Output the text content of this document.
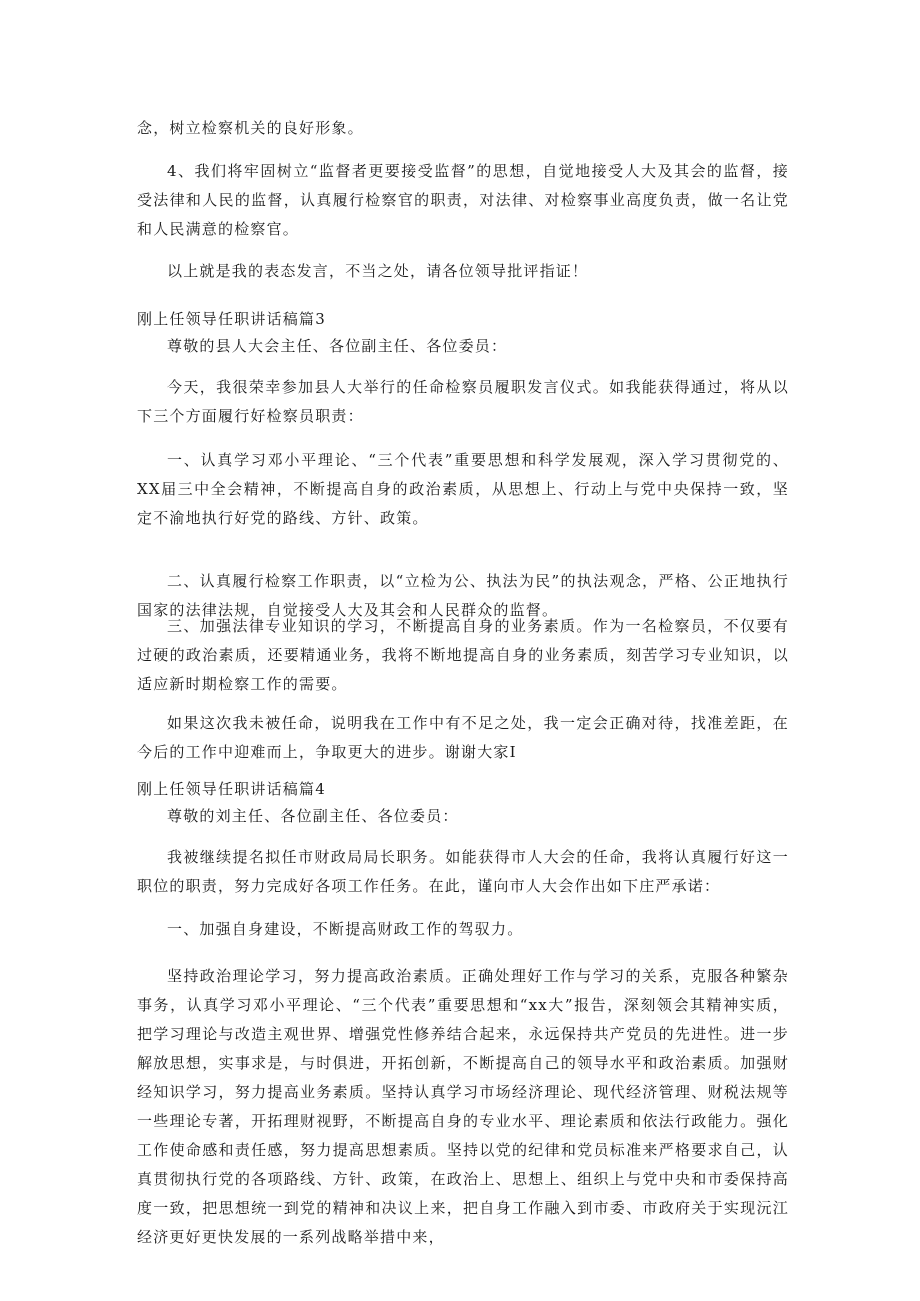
念，树立检察机关的良好形象。

4、我们将牢固树立“监督者更要接受监督”的思想，自觉地接受人大及其会的监督，接受法律和人民的监督，认真履行检察官的职责，对法律、对检察事业高度负责，做一名让党和人民满意的检察官。

以上就是我的表态发言，不当之处，请各位领导批评指证！

刚上任领导任职讲话稿篇3

尊敬的县人大会主任、各位副主任、各位委员：

今天，我很荣幸参加县人大举行的任命检察员履职发言仪式。如我能获得通过，将从以下三个方面履行好检察员职责：

一、认真学习邓小平理论、“三个代表”重要思想和科学发展观，深入学习贯彻党的、XX届三中全会精神，不断提高自身的政治素质，从思想上、行动上与党中央保持一致，坚定不渝地执行好党的路线、方针、政策。

二、认真履行检察工作职责，以“立检为公、执法为民”的执法观念，严格、公正地执行国家的法律法规，自觉接受人大及其会和人民群众的监督。

三、加强法律专业知识的学习，不断提高自身的业务素质。作为一名检察员，不仅要有过硬的政治素质，还要精通业务，我将不断地提高自身的业务素质，刻苦学习专业知识，以适应新时期检察工作的需要。

如果这次我未被任命，说明我在工作中有不足之处，我一定会正确对待，找准差距，在今后的工作中迎难而上，争取更大的进步。谢谢大家I

刚上任领导任职讲话稿篇4

尊敬的刘主任、各位副主任、各位委员：

我被继续提名拟任市财政局局长职务。如能获得市人大会的任命，我将认真履行好这一职位的职责，努力完成好各项工作任务。在此，谨向市人大会作出如下庄严承诺：

一、加强自身建设，不断提高财政工作的驾驭力。

坚持政治理论学习，努力提高政治素质。正确处理好工作与学习的关系，克服各种繁杂事务，认真学习邓小平理论、“三个代表”重要思想和“xx大”报告，深刻领会其精神实质，把学习理论与改造主观世界、增强党性修养结合起来，永远保持共产党员的先进性。进一步解放思想，实事求是，与时俱进，开拓创新，不断提高自己的领导水平和政治素质。加强财经知识学习，努力提高业务素质。坚持认真学习市场经济理论、现代经济管理、财税法规等一些理论专著，开拓理财视野，不断提高自身的专业水平、理论素质和依法行政能力。强化工作使命感和责任感，努力提高思想素质。坚持以党的纪律和党员标准来严格要求自己，认真贯彻执行党的各项路线、方针、政策，在政治上、思想上、组织上与党中央和市委保持高度一致，把思想统一到党的精神和决议上来，把自身工作融入到市委、市政府关于实现沅江经济更好更快发展的一系列战略举措中来，
